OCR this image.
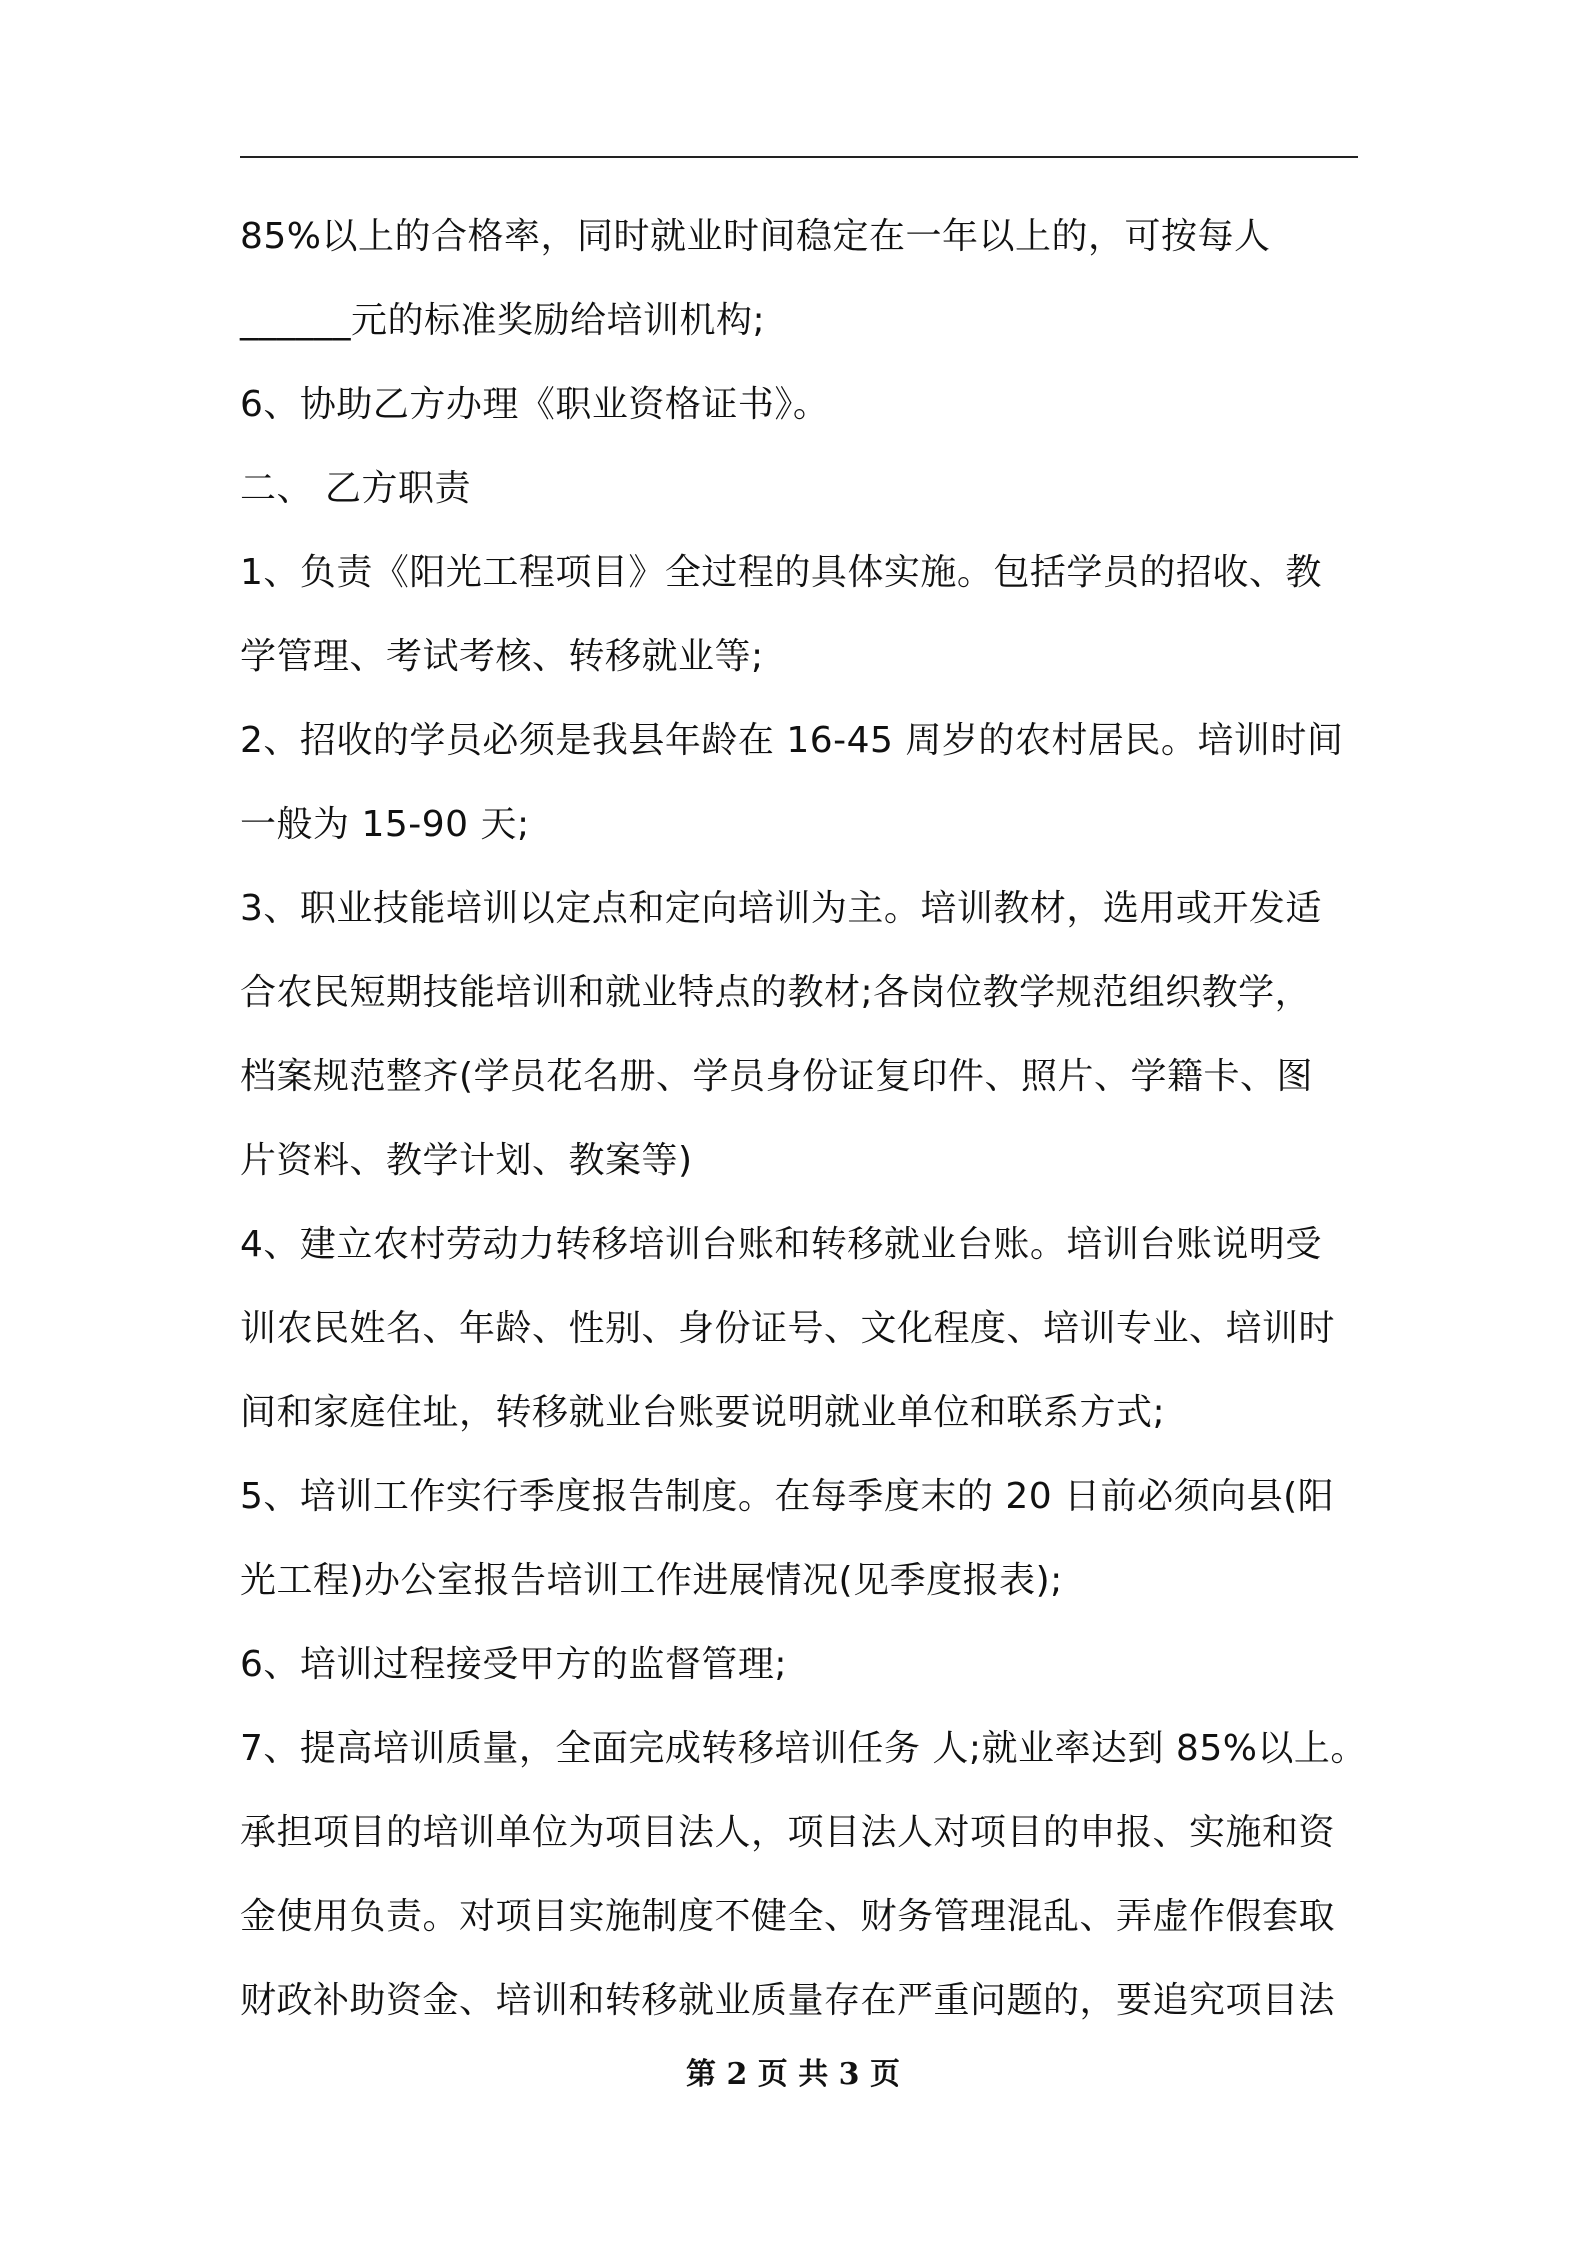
85%以上的合格率，同时就业时间稳定在一年以上的，可按每人
______元的标准奖励给培训机构;
6、协助乙方办理《职业资格证书》。
二、 乙方职责
1、负责《阳光工程项目》全过程的具体实施。包括学员的招收、教
学管理、考试考核、转移就业等;
2、招收的学员必须是我县年龄在 16-45 周岁的农村居民。培训时间
一般为 15-90 天;
3、职业技能培训以定点和定向培训为主。培训教材，选用或开发适
合农民短期技能培训和就业特点的教材;各岗位教学规范组织教学，
档案规范整齐(学员花名册、学员身份证复印件、照片、学籍卡、图
片资料、教学计划、教案等)
4、建立农村劳动力转移培训台账和转移就业台账。培训台账说明受
训农民姓名、年龄、性别、身份证号、文化程度、培训专业、培训时
间和家庭住址，转移就业台账要说明就业单位和联系方式;
5、培训工作实行季度报告制度。在每季度末的 20 日前必须向县(阳
光工程)办公室报告培训工作进展情况(见季度报表);
6、培训过程接受甲方的监督管理;
7、提高培训质量，全面完成转移培训任务 人;就业率达到 85%以上。
承担项目的培训单位为项目法人，项目法人对项目的申报、实施和资
金使用负责。对项目实施制度不健全、财务管理混乱、弄虚作假套取
财政补助资金、培训和转移就业质量存在严重问题的，要追究项目法
第 2 页 共 3 页
